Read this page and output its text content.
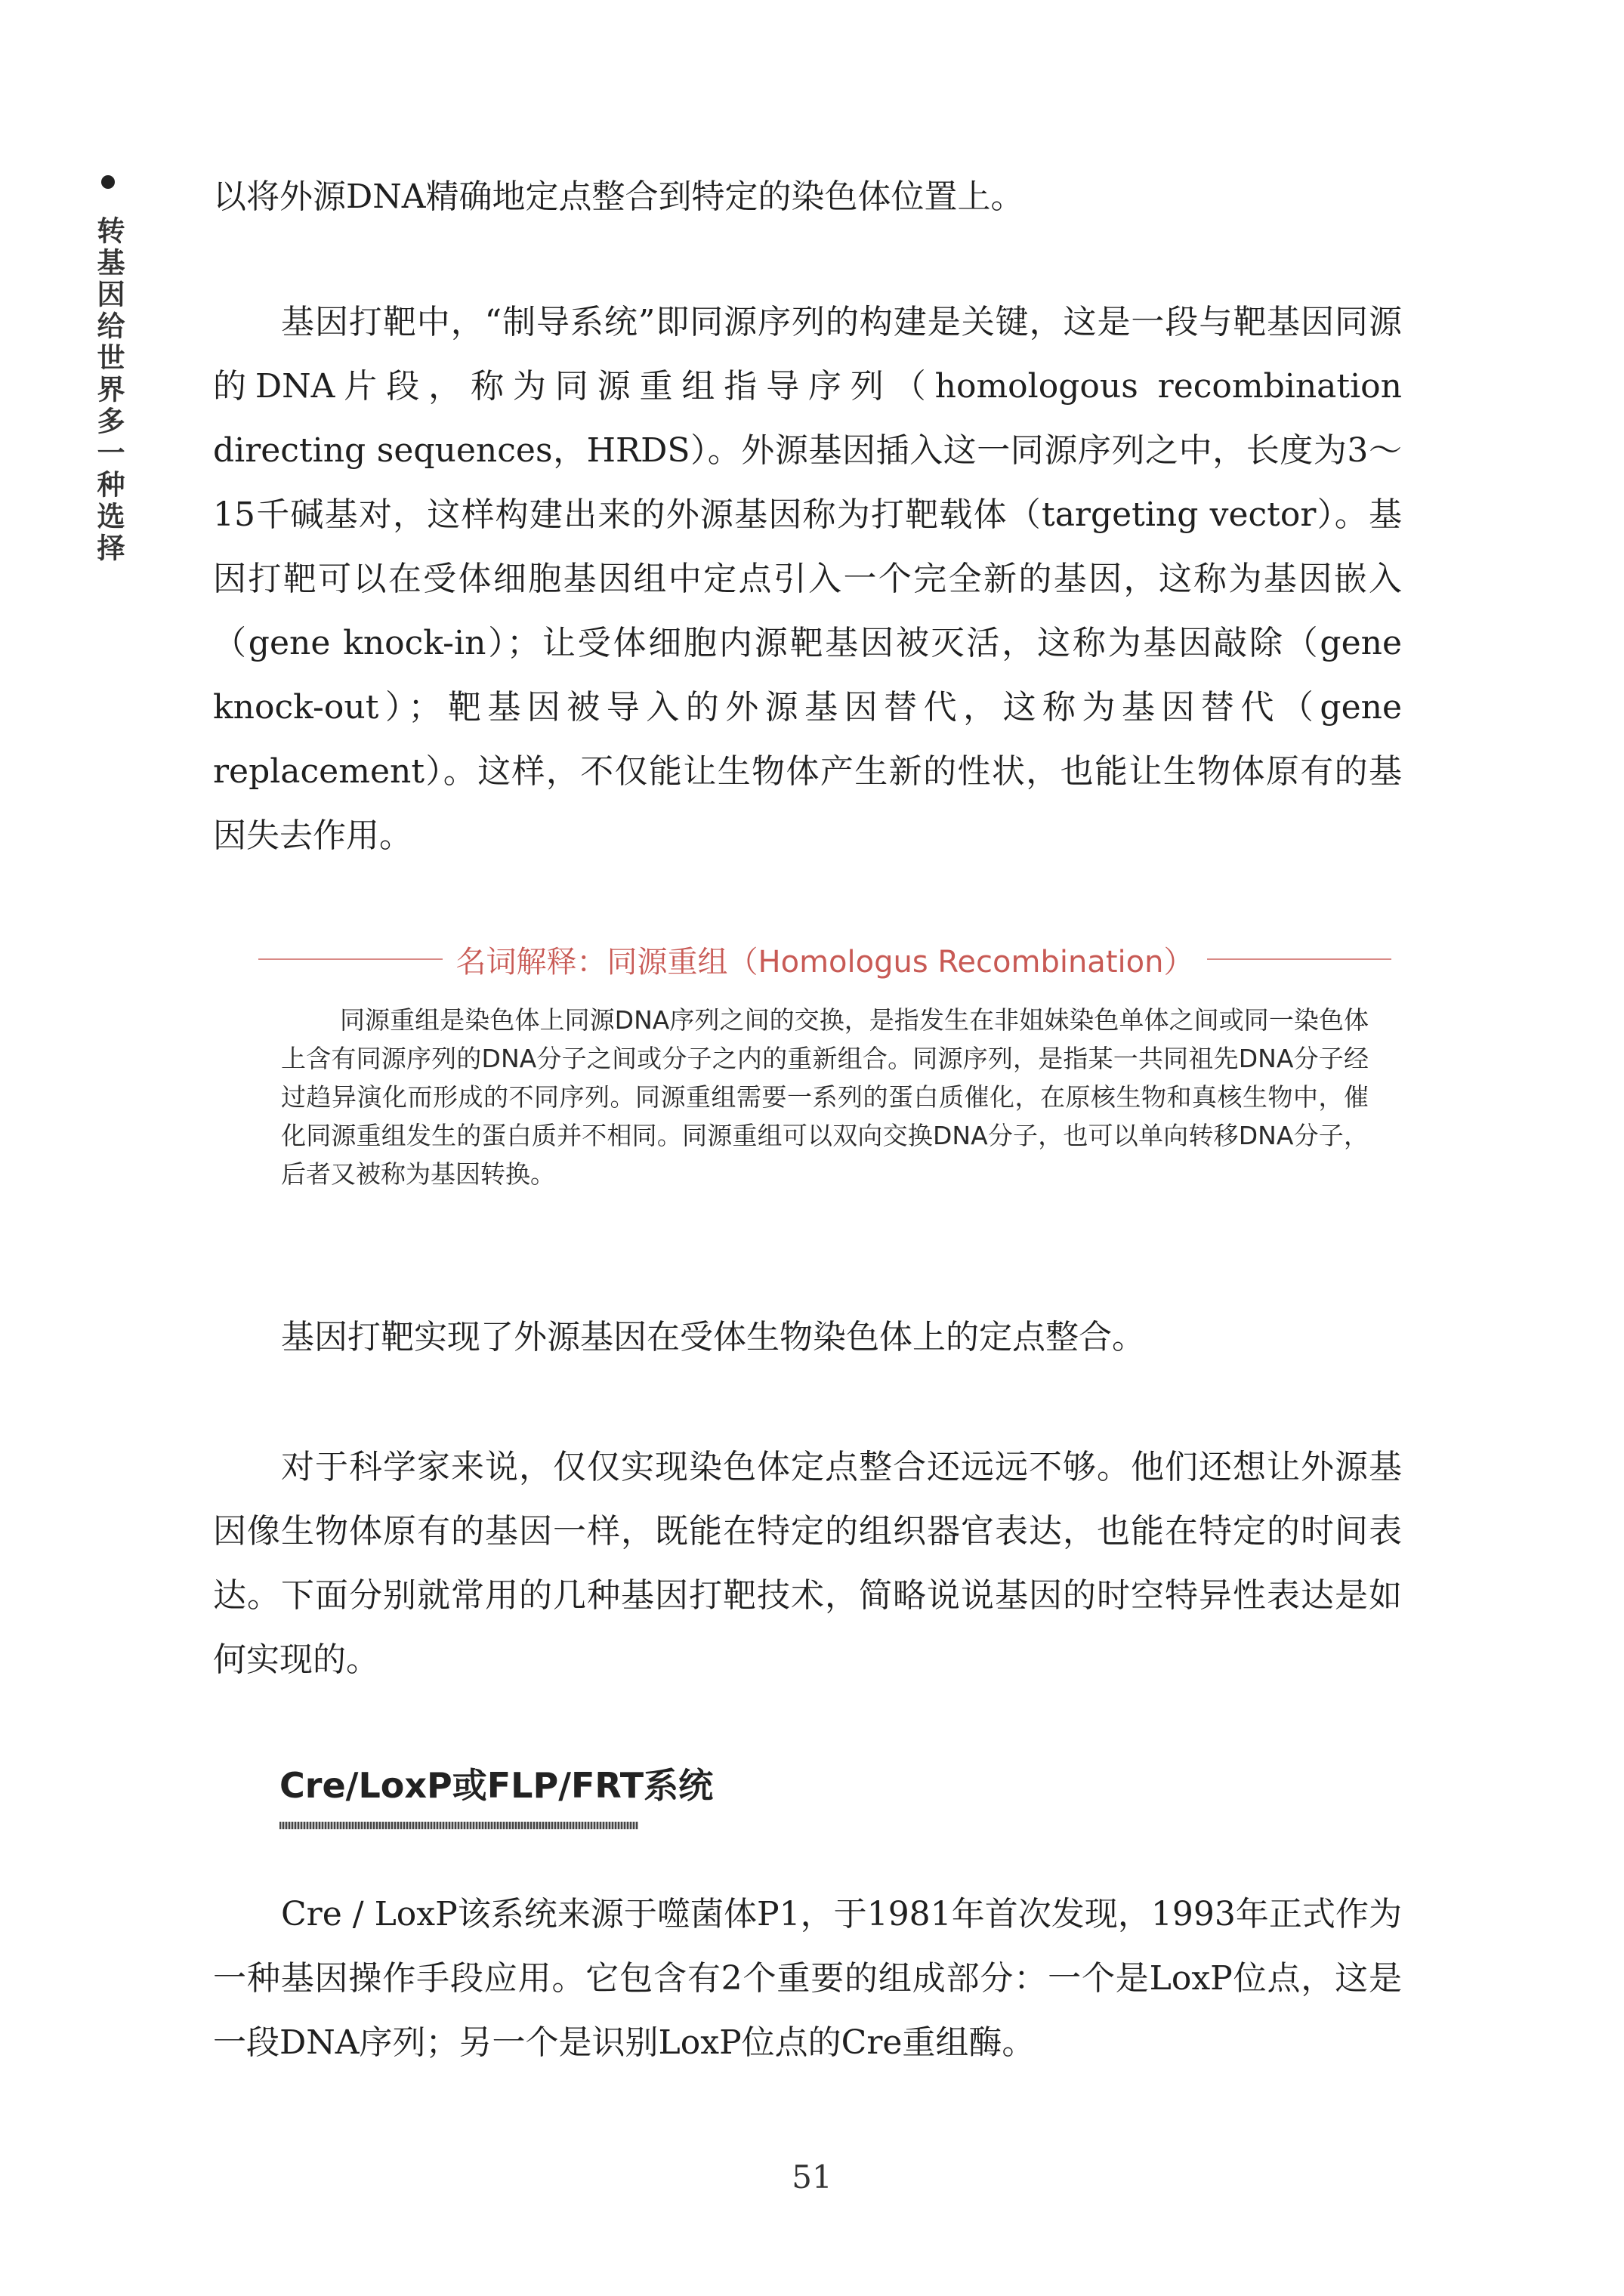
转基因给世界多一种选择

以将外源DNA精确地定点整合到特定的染色体位置上。

基因打靶中，“制导系统”即同源序列的构建是关键，这是一段与靶基因同源的DNA片段，称为同源重组指导序列（homologous recombination directing sequences，HRDS）。外源基因插入这一同源序列之中，长度为3～15千碱基对，这样构建出来的外源基因称为打靶载体（targeting vector）。基因打靶可以在受体细胞基因组中定点引入一个完全新的基因，这称为基因嵌入（gene knock-in）；让受体细胞内源靶基因被灭活，这称为基因敲除（gene knock-out）；靶基因被导入的外源基因替代，这称为基因替代（gene replacement）。这样，不仅能让生物体产生新的性状，也能让生物体原有的基因失去作用。

名词解释：同源重组（Homologus Recombination）

同源重组是染色体上同源DNA序列之间的交换，是指发生在非姐妹染色单体之间或同一染色体上含有同源序列的DNA分子之间或分子之内的重新组合。同源序列，是指某一共同祖先DNA分子经过趋异演化而形成的不同序列。同源重组需要一系列的蛋白质催化，在原核生物和真核生物中，催化同源重组发生的蛋白质并不相同。同源重组可以双向交换DNA分子，也可以单向转移DNA分子，后者又被称为基因转换。

基因打靶实现了外源基因在受体生物染色体上的定点整合。

对于科学家来说，仅仅实现染色体定点整合还远远不够。他们还想让外源基因像生物体原有的基因一样，既能在特定的组织器官表达，也能在特定的时间表达。下面分别就常用的几种基因打靶技术，简略说说基因的时空特异性表达是如何实现的。

Cre/LoxP或FLP/FRT系统

Cre / LoxP该系统来源于噬菌体P1，于1981年首次发现，1993年正式作为一种基因操作手段应用。它包含有2个重要的组成部分：一个是LoxP位点，这是一段DNA序列；另一个是识别LoxP位点的Cre重组酶。

51
